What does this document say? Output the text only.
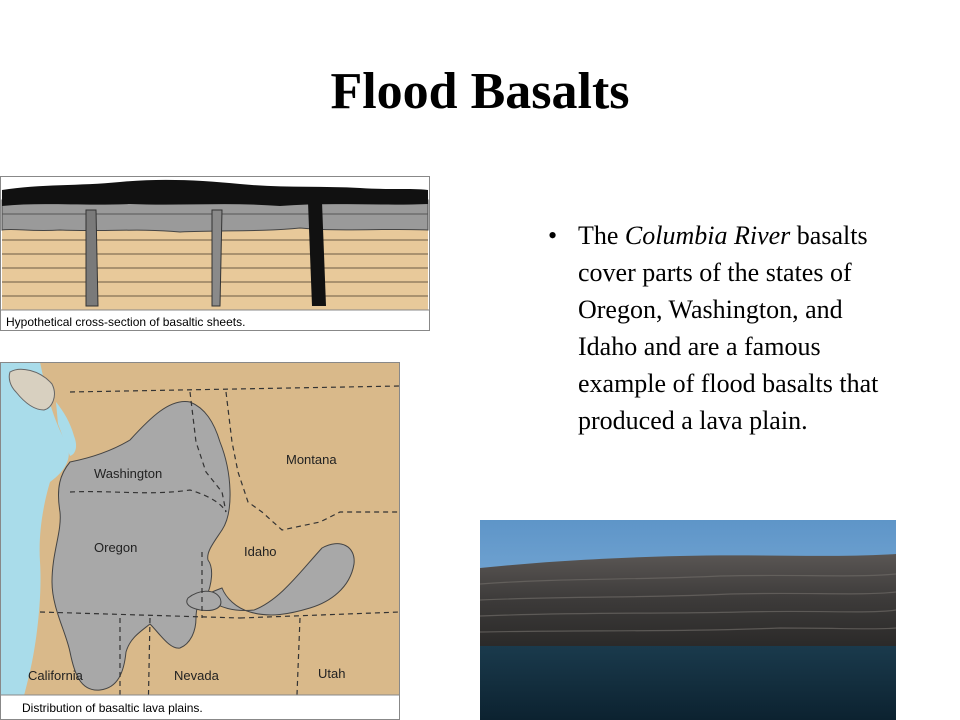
Flood Basalts
• The Columbia River basalts cover parts of the states of Oregon, Washington, and Idaho and are a famous example of flood basalts that produced a lava plain.
Hypothetical cross-section of basaltic sheets.
Washington
Montana
Oregon	Idaho
California	Nevada	Utah
Distribution of basaltic lava plains.
